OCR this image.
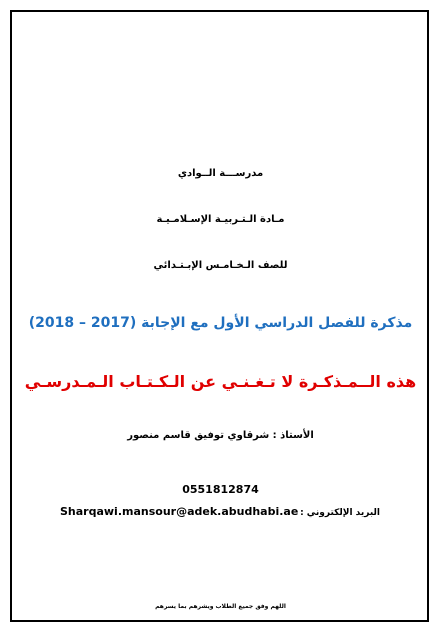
مدرســـة الــوادي
مـادة الـتـربيـة الإسـلامـيـة
للصف الـخـامـس الإبـتـدائي
مذكرة للفصل الدراسي الأول مع الإجابة (2017 – 2018)
هذه الــمـذكـرة لا تـغـنـي عن الـكـتـاب الـمـدرسـي
الأستاذ : شرقاوي توفيق قاسم منصور
0551812874
Sharqawi.mansour@adek.abudhabi.ae البريد الإلكتروني :
اللهم وفق جميع الطلاب ويشرهم بما يسرهم
